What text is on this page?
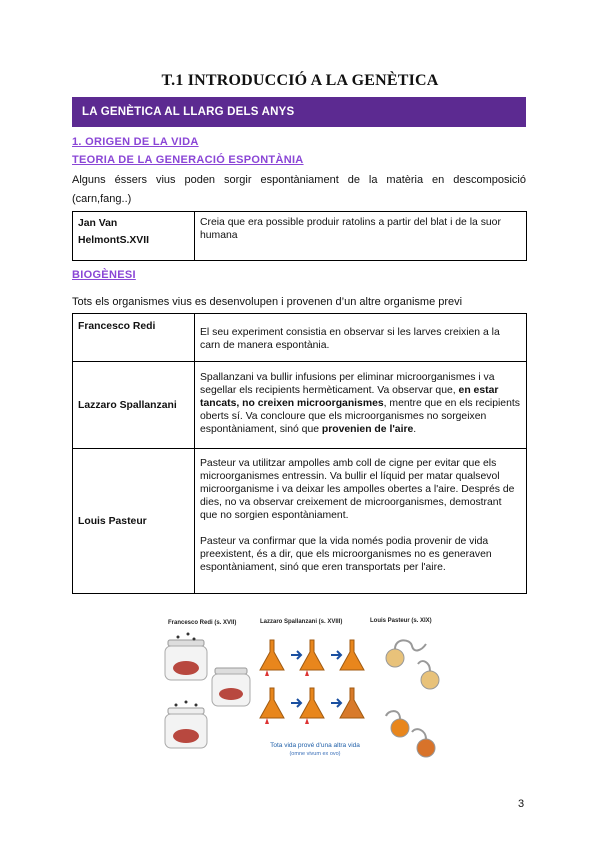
T.1 INTRODUCCIÓ A LA GENÈTICA
LA GENÈTICA AL LLARG DELS ANYS
1. ORIGEN DE LA VIDA
TEORIA DE LA GENERACIÓ ESPONTÀNIA
Alguns éssers vius poden sorgir espontàniament de la matèria en descomposició (carn,fang..)
Jan Van
HelmontS.XVII	Creia que era possible produir ratolins a partir del blat i de la suor humana
BIOGÈNESI
Tots els organismes vius es desenvolupen i provenen d’un altre organisme previ
Francesco Redi	El seu experiment consistia en observar si les larves creixien a la carn de manera espontània.
Lazzaro Spallanzani	Spallanzani va bullir infusions per eliminar microorganismes i va segellar els recipients hermèticament. Va observar que, en estar tancats, no creixen microorganismes, mentre que en els recipients oberts sí. Va concloure que els microorganismes no sorgeixen espontàniament, sinó que provenien de l'aire.
Louis Pasteur	Pasteur va utilitzar ampolles amb coll de cigne per evitar que els microorganismes entressin. Va bullir el líquid per matar qualsevol microorganisme i va deixar les ampolles obertes a l'aire. Després de dies, no va observar creixement de microorganismes, demostrant que no sorgien espontàniament.
Pasteur va confirmar que la vida només podia provenir de vida preexistent, és a dir, que els microorganismes no es generaven espontàniament, sinó que eren transportats per l'aire.
Francesco Redi (s. XVII)	Lazzaro Spallanzani (s. XVIII)	Louis Pasteur (s. XIX)
Tota vida prové d'una altra vida
(omne vivum ex ovo)
3
